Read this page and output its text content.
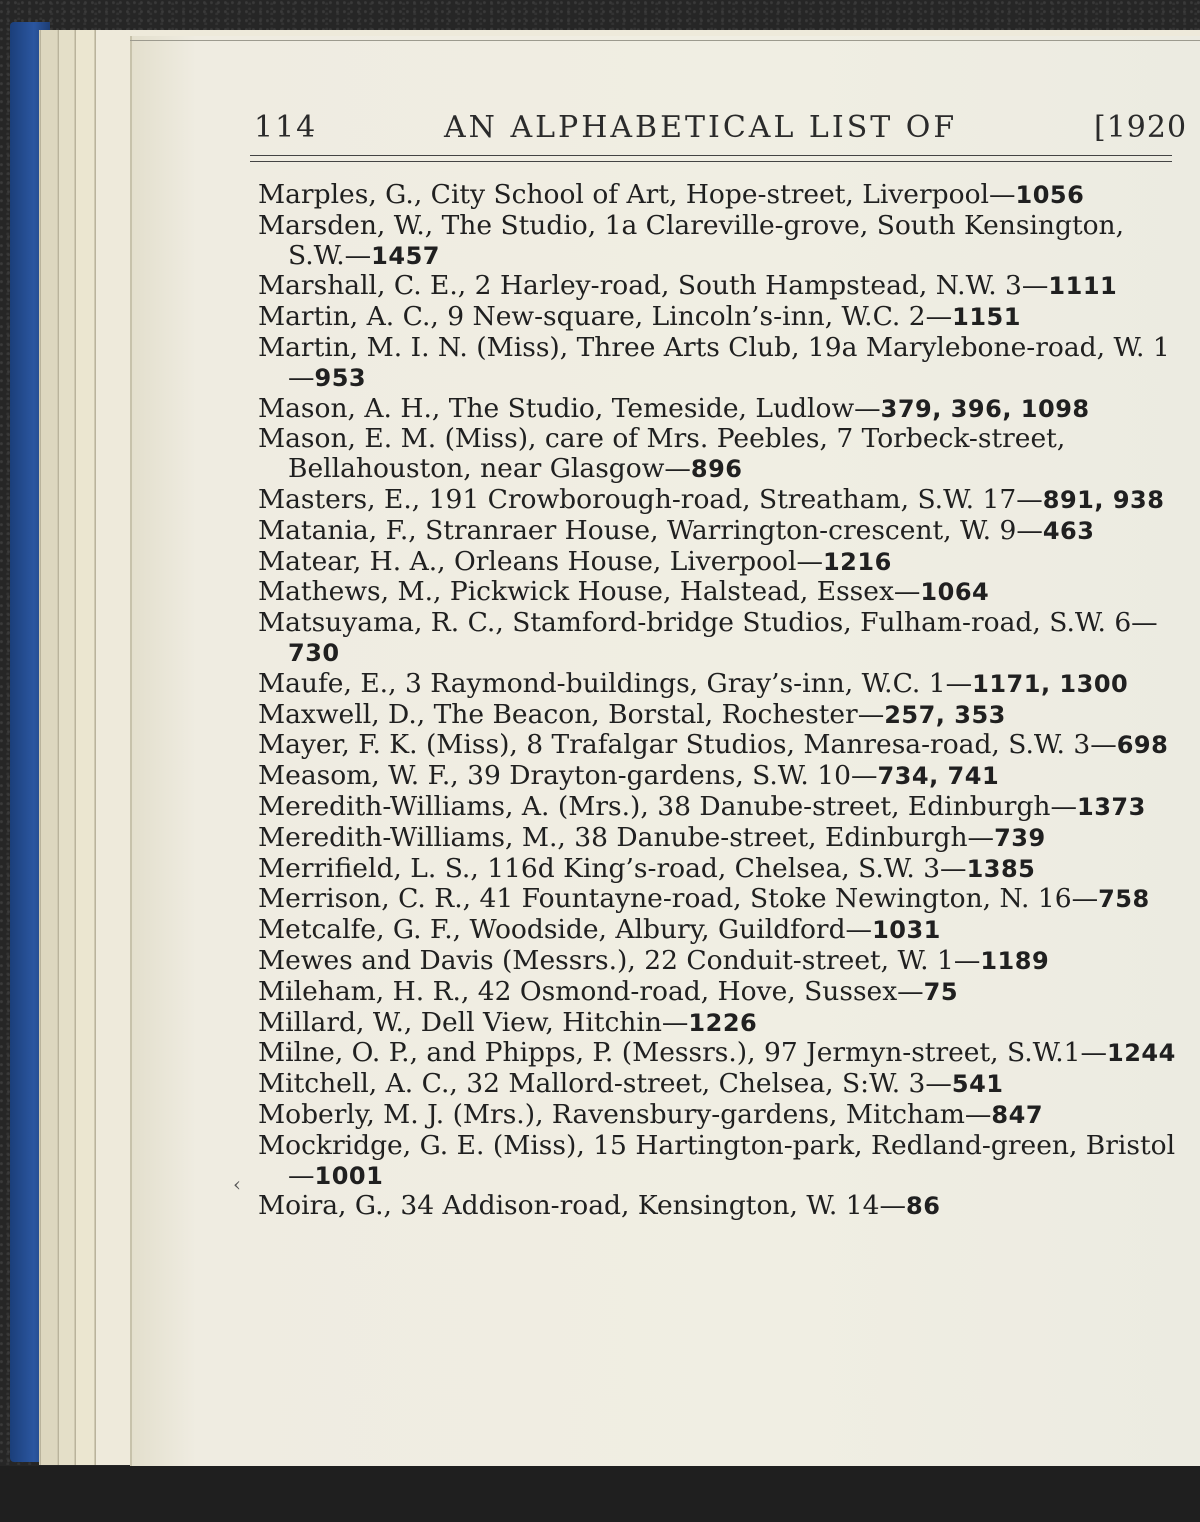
114	AN ALPHABETICAL LIST OF	[1920
‹
Marples, G., City School of Art, Hope-street, Liverpool—1056
Marsden, W., The Studio, 1a Clareville-grove, South Kensington, S.W.—1457
Marshall, C. E., 2 Harley-road, South Hampstead, N.W. 3—1111
Martin, A. C., 9 New-square, Lincoln’s-inn, W.C. 2—1151
Martin, M. I. N. (Miss), Three Arts Club, 19a Marylebone-road, W. 1—953
Mason, A. H., The Studio, Temeside, Ludlow—379, 396, 1098
Mason, E. M. (Miss), care of Mrs. Peebles, 7 Torbeck-street, Bellahouston, near Glasgow—896
Masters, E., 191 Crowborough-road, Streatham, S.W. 17—891, 938
Matania, F., Stranraer House, Warrington-crescent, W. 9—463
Matear, H. A., Orleans House, Liverpool—1216
Mathews, M., Pickwick House, Halstead, Essex—1064
Matsuyama, R. C., Stamford-bridge Studios, Fulham-road, S.W. 6—730
Maufe, E., 3 Raymond-buildings, Gray’s-inn, W.C. 1—1171, 1300
Maxwell, D., The Beacon, Borstal, Rochester—257, 353
Mayer, F. K. (Miss), 8 Trafalgar Studios, Manresa-road, S.W. 3—698
Measom, W. F., 39 Drayton-gardens, S.W. 10—734, 741
Meredith-Williams, A. (Mrs.), 38 Danube-street, Edinburgh—1373
Meredith-Williams, M., 38 Danube-street, Edinburgh—739
Merrifield, L. S., 116d King’s-road, Chelsea, S.W. 3—1385
Merrison, C. R., 41 Fountayne-road, Stoke Newington, N. 16—758
Metcalfe, G. F., Woodside, Albury, Guildford—1031
Mewes and Davis (Messrs.), 22 Conduit-street, W. 1—1189
Mileham, H. R., 42 Osmond-road, Hove, Sussex—75
Millard, W., Dell View, Hitchin—1226
Milne, O. P., and Phipps, P. (Messrs.), 97 Jermyn-street, S.W.1—1244
Mitchell, A. C., 32 Mallord-street, Chelsea, S:W. 3—541
Moberly, M. J. (Mrs.), Ravensbury-gardens, Mitcham—847
Mockridge, G. E. (Miss), 15 Hartington-park, Redland-green, Bristol—1001
Moira, G., 34 Addison-road, Kensington, W. 14—86
